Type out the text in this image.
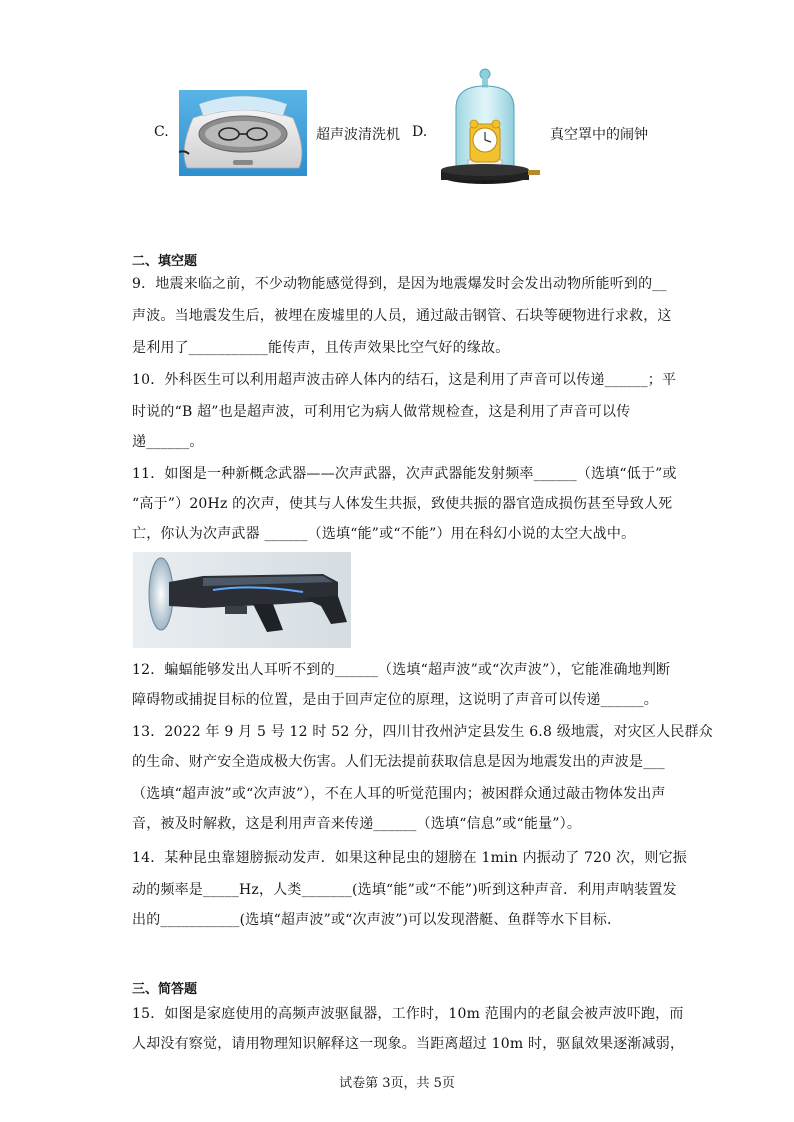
C.	超声波清洗机 D.	真空罩中的闹钟
二、填空题
9．地震来临之前，不少动物能感觉得到，是因为地震爆发时会发出动物所能听到的__
声波。当地震发生后，被埋在废墟里的人员，通过敲击钢管、石块等硬物进行求救，这
是利用了___________能传声，且传声效果比空气好的缘故。
10．外科医生可以利用超声波击碎人体内的结石，这是利用了声音可以传递______；平
时说的“B 超”也是超声波，可利用它为病人做常规检查，这是利用了声音可以传
递______。
11．如图是一种新概念武器——次声武器，次声武器能发射频率______（选填“低于”或
“高于”）20Hz 的次声，使其与人体发生共振，致使共振的器官造成损伤甚至导致人死
亡，你认为次声武器 ______（选填“能”或“不能”）用在科幻小说的太空大战中。
12．蝙蝠能够发出人耳听不到的______（选填“超声波”或“次声波”），它能准确地判断
障碍物或捕捉目标的位置，是由于回声定位的原理，这说明了声音可以传递______。
13．2022 年 9 月 5 号 12 时 52 分，四川甘孜州泸定县发生 6.8 级地震，对灾区人民群众
的生命、财产安全造成极大伤害。人们无法提前获取信息是因为地震发出的声波是___
（选填“超声波”或“次声波”），不在人耳的听觉范围内；被困群众通过敲击物体发出声
音，被及时解救，这是利用声音来传递______（选填“信息”或“能量”）。
14．某种昆虫靠翅膀振动发声．如果这种昆虫的翅膀在 1min 内振动了 720 次，则它振
动的频率是_____Hz，人类_______(选填“能”或“不能”)听到这种声音．利用声呐装置发
出的___________(选填“超声波”或“次声波”)可以发现潜艇、鱼群等水下目标．
三、简答题
15．如图是家庭使用的高频声波驱鼠器，工作时，10m 范围内的老鼠会被声波吓跑，而
人却没有察觉，请用物理知识解释这一现象。当距离超过 10m 时，驱鼠效果逐渐减弱，
试卷第 3页，共 5页
